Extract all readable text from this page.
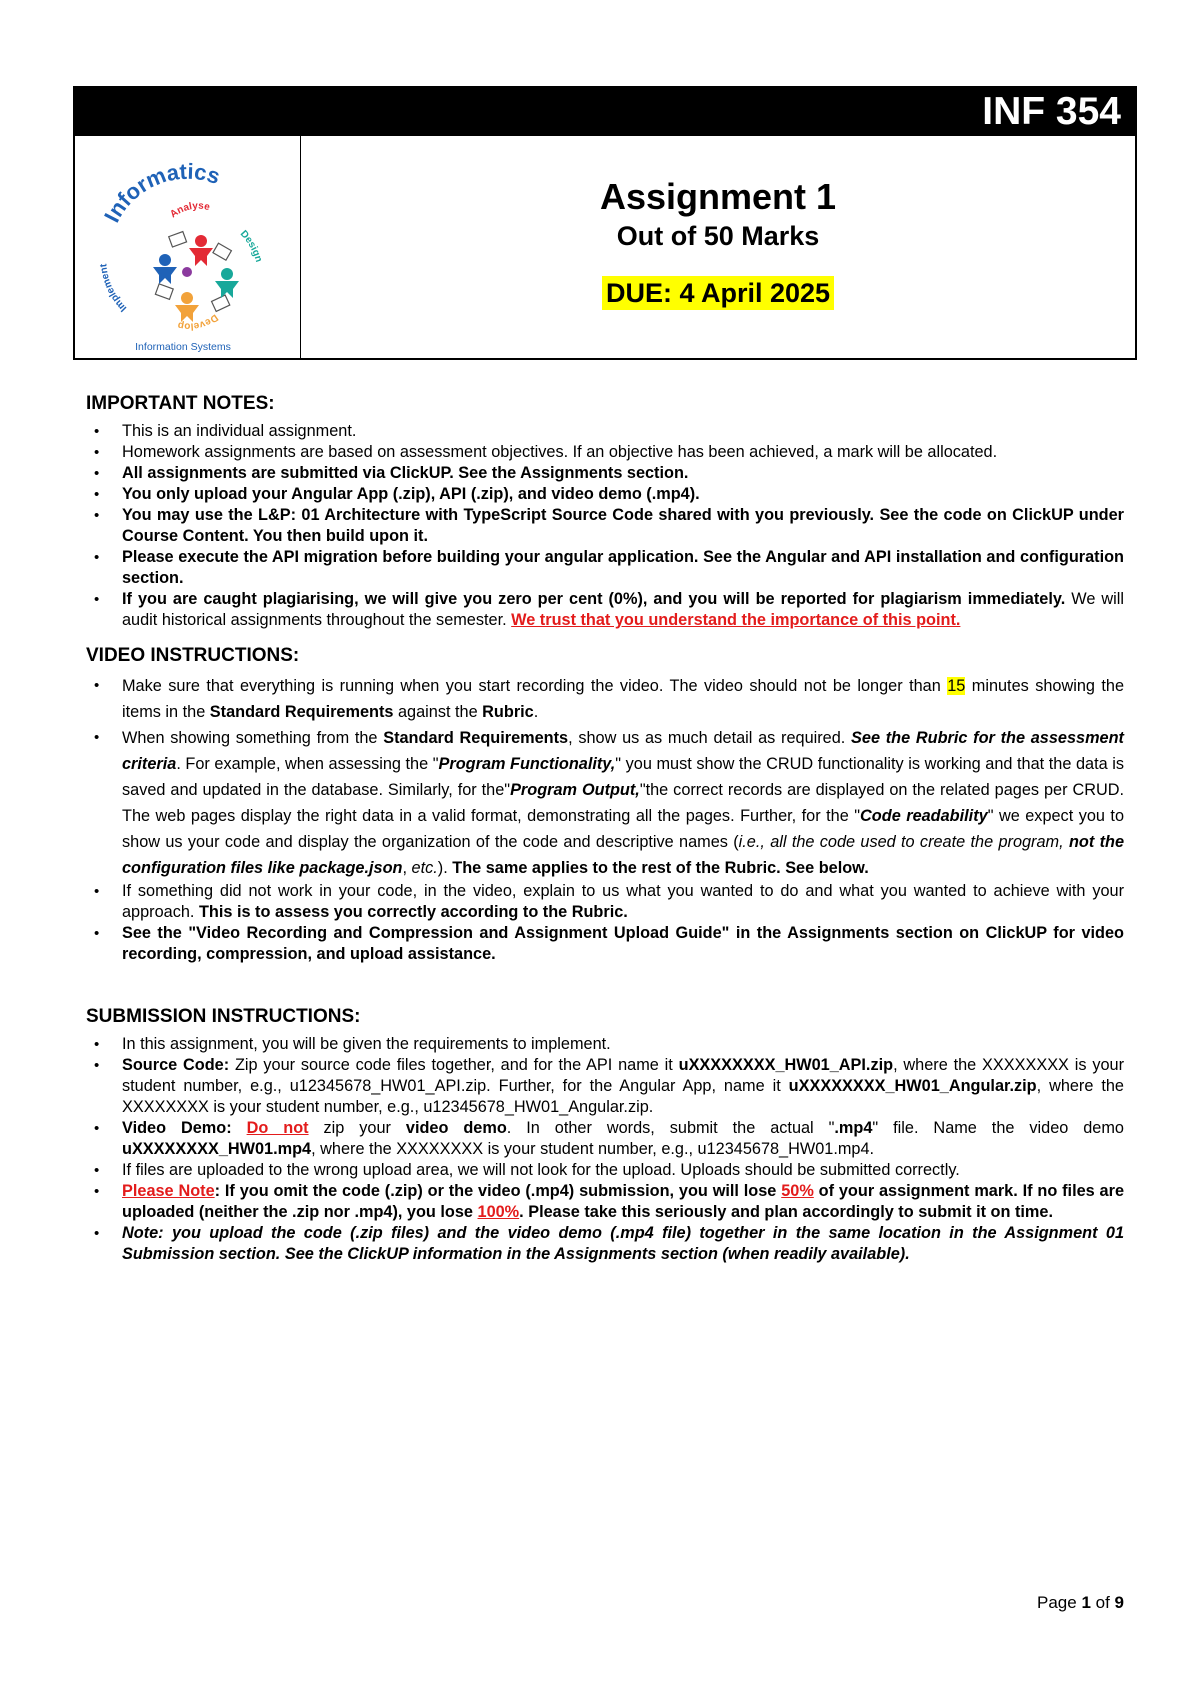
INF 354
Informatics
Analyse
Design
Develop
Implement
Information Systems
Assignment 1
Out of 50 Marks
DUE: 4 April 2025
IMPORTANT NOTES:
• This is an individual assignment.
• Homework assignments are based on assessment objectives. If an objective has been achieved, a mark will be allocated.
• All assignments are submitted via ClickUP. See the Assignments section.
• You only upload your Angular App (.zip), API (.zip), and video demo (.mp4).
• You may use the L&P: 01 Architecture with TypeScript Source Code shared with you previously. See the code on ClickUP under Course Content. You then build upon it.
• Please execute the API migration before building your angular application. See the Angular and API installation and configuration section.
• If you are caught plagiarising, we will give you zero per cent (0%), and you will be reported for plagiarism immediately. We will audit historical assignments throughout the semester. We trust that you understand the importance of this point.
VIDEO INSTRUCTIONS:
• Make sure that everything is running when you start recording the video. The video should not be longer than 15 minutes showing the items in the Standard Requirements against the Rubric.
• When showing something from the Standard Requirements, show us as much detail as required. See the Rubric for the assessment criteria. For example, when assessing the "Program Functionality," you must show the CRUD functionality is working and that the data is saved and updated in the database. Similarly, for the"Program Output,"the correct records are displayed on the related pages per CRUD. The web pages display the right data in a valid format, demonstrating all the pages. Further, for the "Code readability" we expect you to show us your code and display the organization of the code and descriptive names (i.e., all the code used to create the program, not the configuration files like package.json, etc.). The same applies to the rest of the Rubric. See below.
• If something did not work in your code, in the video, explain to us what you wanted to do and what you wanted to achieve with your approach. This is to assess you correctly according to the Rubric.
• See the "Video Recording and Compression and Assignment Upload Guide" in the Assignments section on ClickUP for video recording, compression, and upload assistance.
SUBMISSION INSTRUCTIONS:
• In this assignment, you will be given the requirements to implement.
• Source Code: Zip your source code files together, and for the API name it uXXXXXXXX_HW01_API.zip, where the XXXXXXXX is your student number, e.g., u12345678_HW01_API.zip. Further, for the Angular App, name it uXXXXXXXX_HW01_Angular.zip, where the XXXXXXXX is your student number, e.g., u12345678_HW01_Angular.zip.
• Video Demo: Do not zip your video demo. In other words, submit the actual ".mp4" file. Name the video demo uXXXXXXXX_HW01.mp4, where the XXXXXXXX is your student number, e.g., u12345678_HW01.mp4.
• If files are uploaded to the wrong upload area, we will not look for the upload. Uploads should be submitted correctly.
• Please Note: If you omit the code (.zip) or the video (.mp4) submission, you will lose 50% of your assignment mark. If no files are uploaded (neither the .zip nor .mp4), you lose 100%. Please take this seriously and plan accordingly to submit it on time.
• Note: you upload the code (.zip files) and the video demo (.mp4 file) together in the same location in the Assignment 01 Submission section. See the ClickUP information in the Assignments section (when readily available).
Page 1 of 9
